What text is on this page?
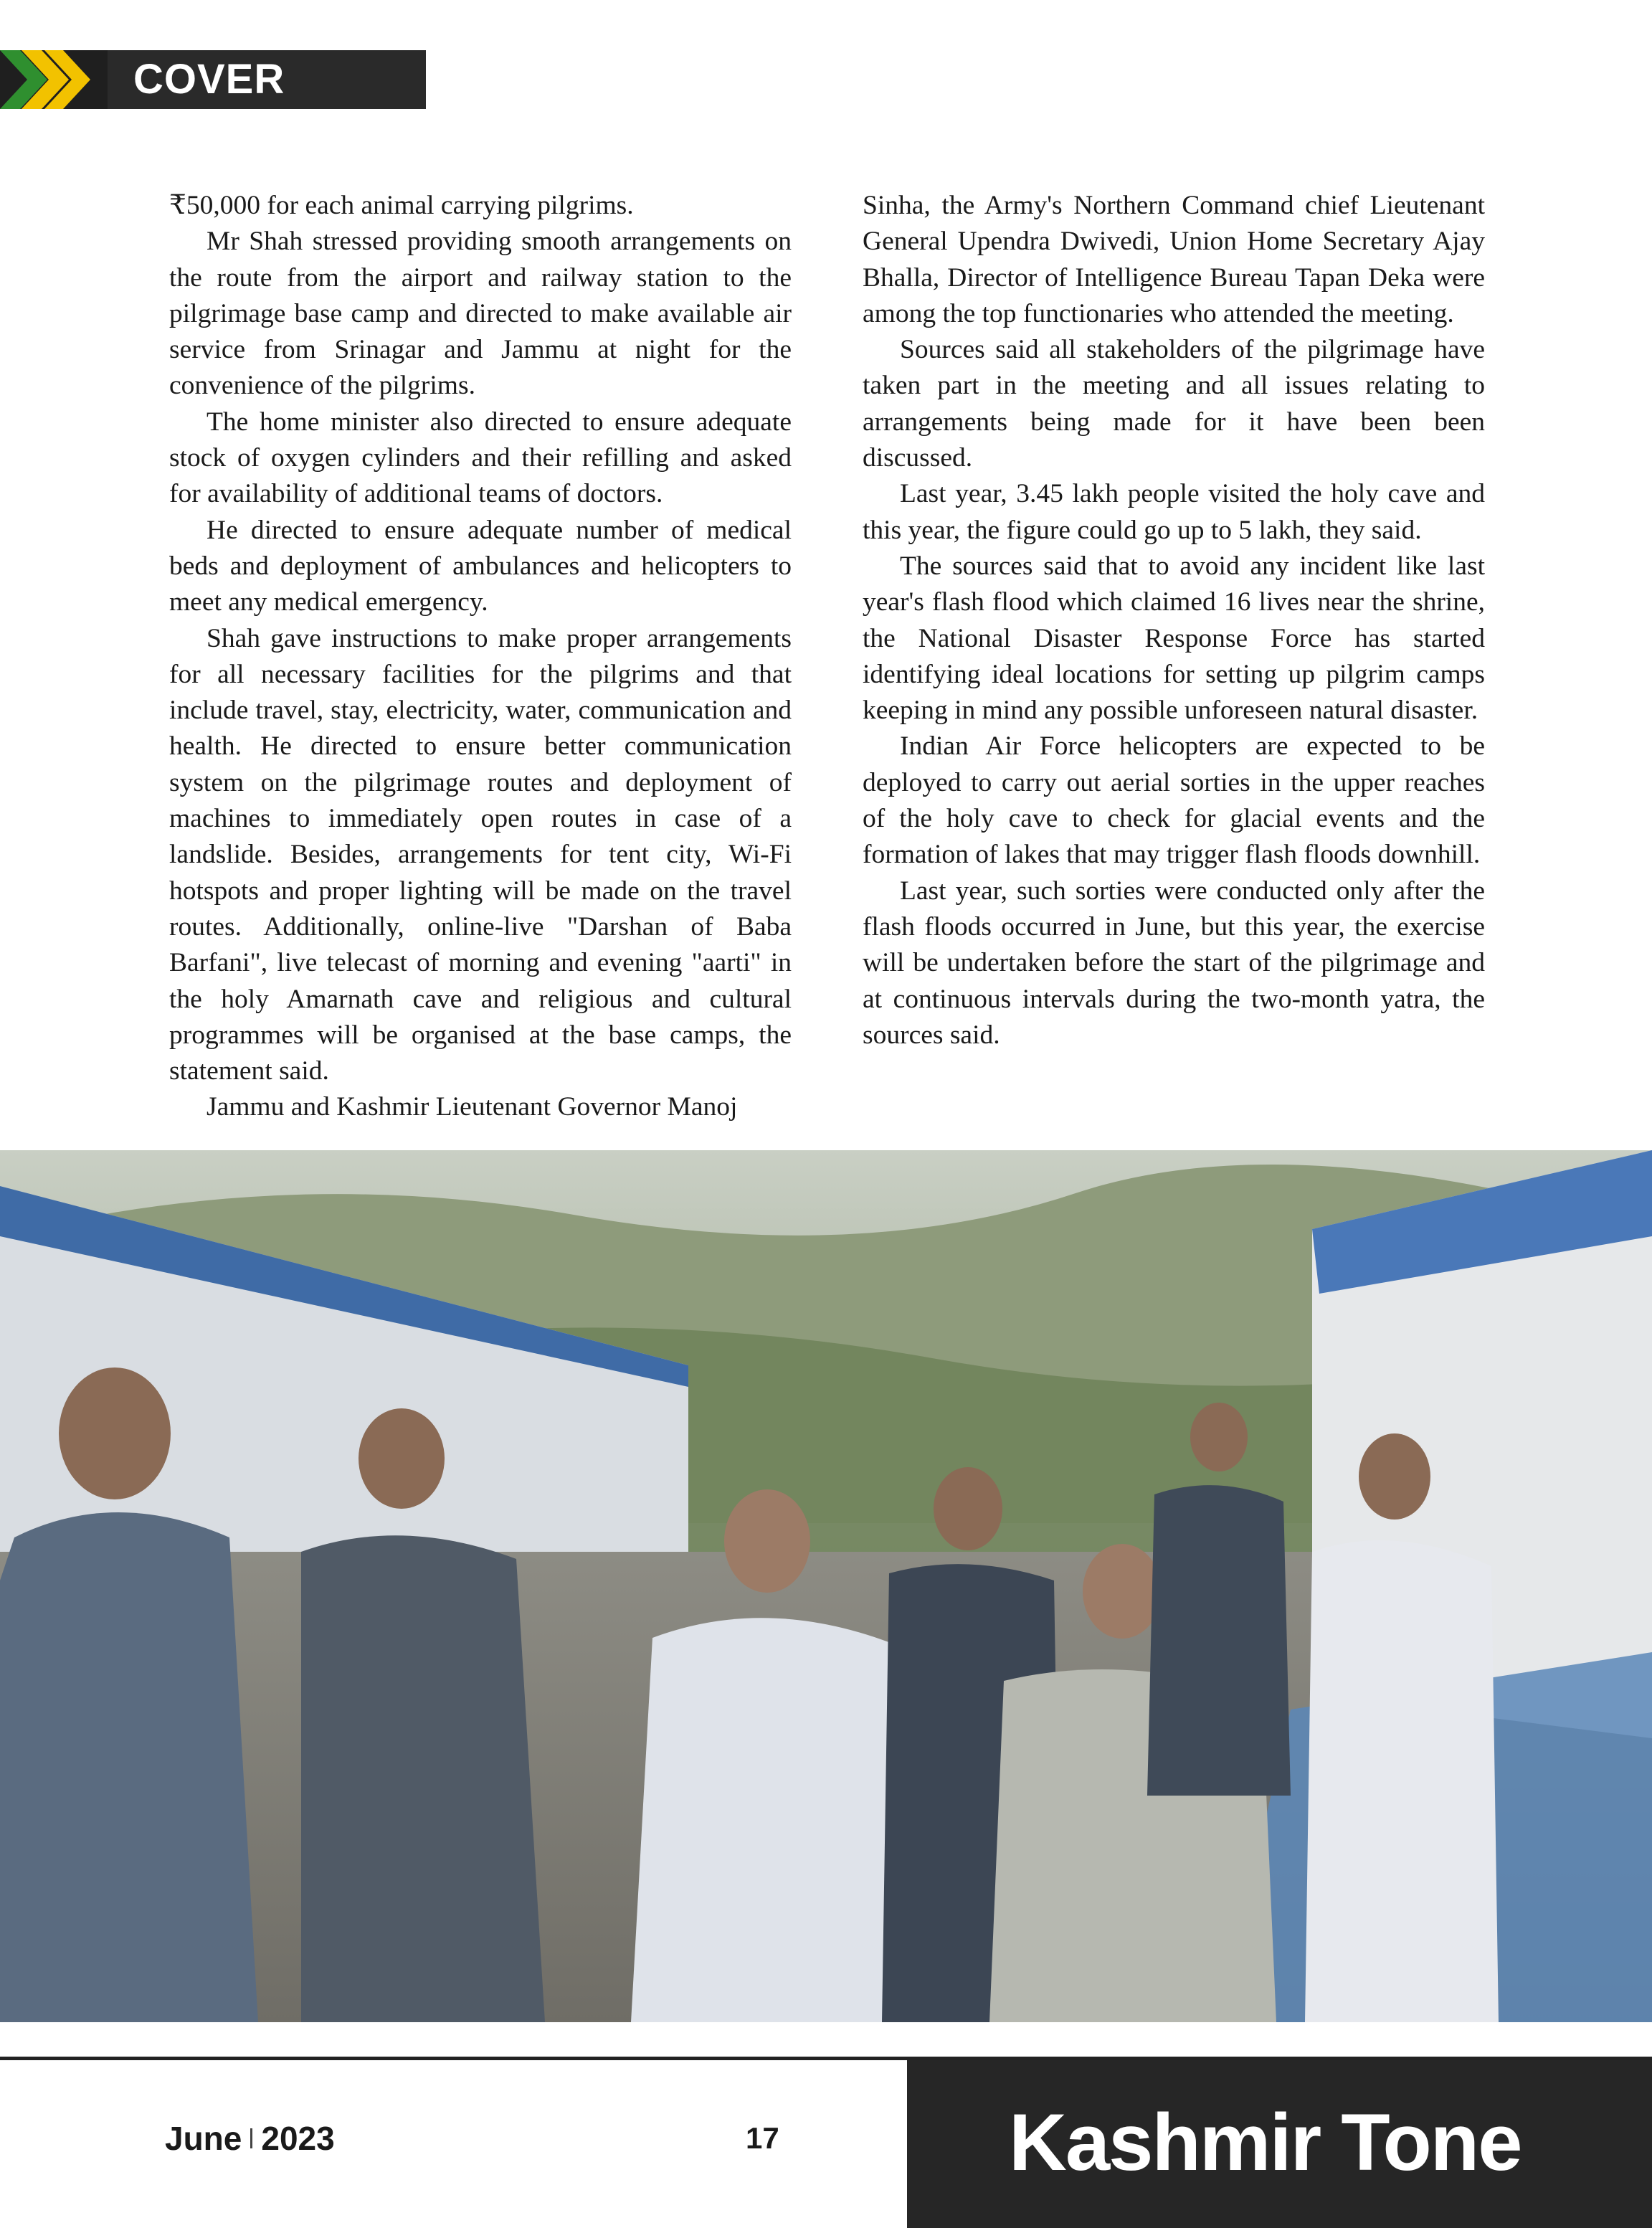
COVER STORY

₹50,000 for each animal carrying pilgrims.

Mr Shah stressed providing smooth arrangements on the route from the airport and railway station to the pilgrimage base camp and directed to make available air service from Srinagar and Jammu at night for the convenience of the pilgrims.

The home minister also directed to ensure adequate stock of oxygen cylinders and their refilling and asked for availability of additional teams of doctors.

He directed to ensure adequate number of medical beds and deployment of ambulances and helicopters to meet any medical emergency.

Shah gave instructions to make proper arrangements for all necessary facilities for the pilgrims and that include travel, stay, electricity, water, communication and health. He directed to ensure better communication system on the pilgrimage routes and deployment of machines to immediately open routes in case of a landslide. Besides, arrangements for tent city, Wi-Fi hotspots and proper lighting will be made on the travel routes. Additionally, online-live "Darshan of Baba Barfani", live telecast of morning and evening "aarti" in the holy Amarnath cave and religious and cultural programmes will be organised at the base camps, the statement said.

Jammu and Kashmir Lieutenant Governor Manoj

Sinha, the Army's Northern Command chief Lieutenant General Upendra Dwivedi, Union Home Secretary Ajay Bhalla, Director of Intelligence Bureau Tapan Deka were among the top functionaries who attended the meeting.

Sources said all stakeholders of the pilgrimage have taken part in the meeting and all issues relating to arrangements being made for it have been been discussed.

Last year, 3.45 lakh people visited the holy cave and this year, the figure could go up to 5 lakh, they said.

The sources said that to avoid any incident like last year's flash flood which claimed 16 lives near the shrine, the National Disaster Response Force has started identifying ideal locations for setting up pilgrim camps keeping in mind any possible unforeseen natural disaster.

Indian Air Force helicopters are expected to be deployed to carry out aerial sorties in the upper reaches of the holy cave to check for glacial events and the formation of lakes that may trigger flash floods downhill.

Last year, such sorties were conducted only after the flash floods occurred in June, but this year, the exercise will be undertaken before the start of the pilgrimage and at continuous intervals during the two-month yatra, the sources said.

June 2023	17	Kashmir Tone
